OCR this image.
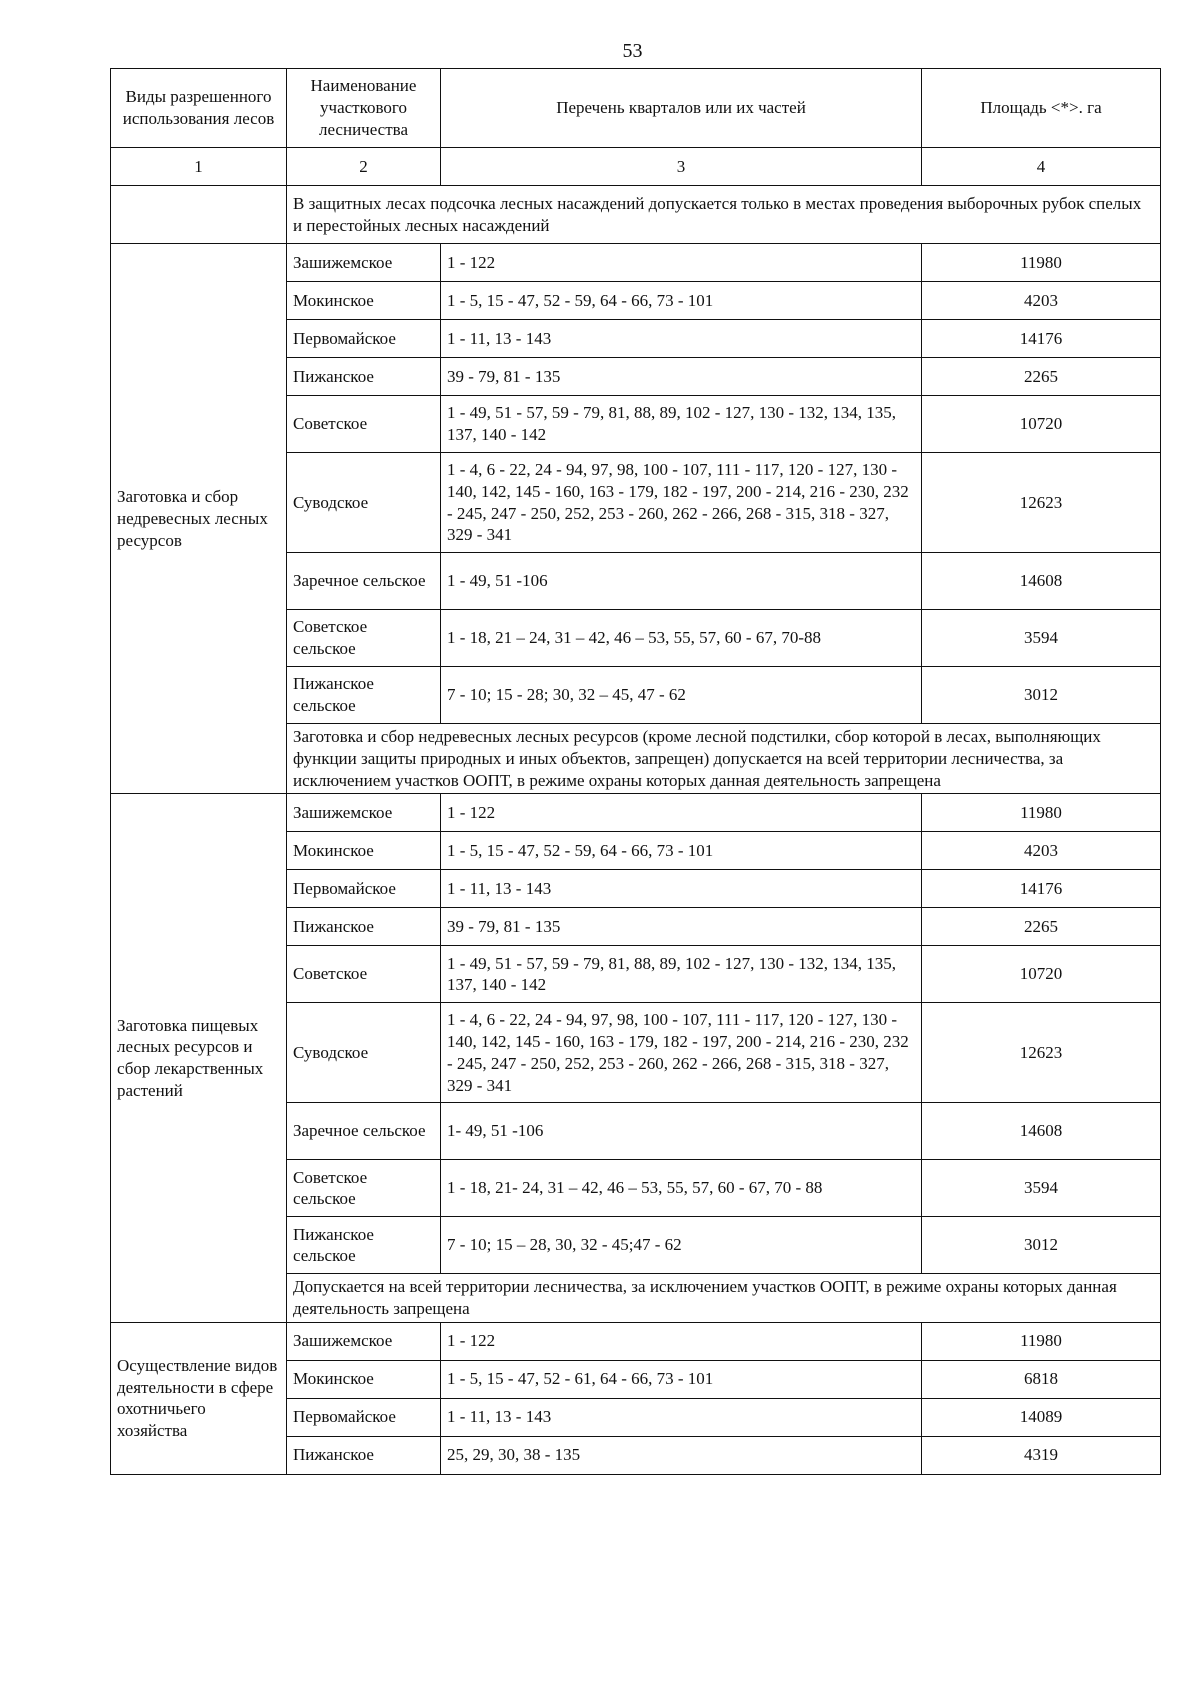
53
Виды разрешенного использования лесов	Наименование участкового лесничества	Перечень кварталов или их частей	Площадь <*>. га
1	2	3	4
	В защитных лесах подсочка лесных насаждений допускается только в местах проведения выборочных рубок спелых и перестойных лесных насаждений		
Заготовка и сбор недревесных лесных ресурсов	Зашижемское	1 - 122	11980
	Мокинское	1 - 5, 15 - 47, 52 - 59, 64 - 66, 73 - 101	4203
	Первомайское	1 - 11, 13 - 143	14176
	Пижанское	39 - 79, 81 - 135	2265
	Советское	1 - 49, 51 - 57, 59 - 79, 81, 88, 89, 102 - 127, 130 - 132, 134, 135, 137, 140 - 142	10720
	Суводское	1 - 4, 6 - 22, 24 - 94, 97, 98, 100 - 107, 111 - 117, 120 - 127, 130 - 140, 142, 145 - 160, 163 - 179, 182 - 197, 200 - 214, 216 - 230, 232 - 245, 247 - 250, 252, 253 - 260, 262 - 266, 268 - 315, 318 - 327, 329 - 341	12623
	Заречное сельское	1 - 49, 51 -106	14608
	Советское сельское	1 - 18, 21 – 24, 31 – 42, 46 – 53, 55, 57, 60 - 67, 70-88	3594
	Пижанское сельское	7 - 10; 15 - 28; 30, 32 – 45, 47 - 62	3012
	Заготовка и сбор недревесных лесных ресурсов (кроме лесной подстилки, сбор которой в лесах, выполняющих функции защиты природных и иных объектов, запрещен) допускается на всей территории лесничества, за исключением участков ООПТ, в режиме охраны которых данная деятельность запрещена		
Заготовка пищевых лесных ресурсов и сбор лекарственных растений	Зашижемское	1 - 122	11980
	Мокинское	1 - 5, 15 - 47, 52 - 59, 64 - 66, 73 - 101	4203
	Первомайское	1 - 11, 13 - 143	14176
	Пижанское	39 - 79, 81 - 135	2265
	Советское	1 - 49, 51 - 57, 59 - 79, 81, 88, 89, 102 - 127, 130 - 132, 134, 135, 137, 140 - 142	10720
	Суводское	1 - 4, 6 - 22, 24 - 94, 97, 98, 100 - 107, 111 - 117, 120 - 127, 130 - 140, 142, 145 - 160, 163 - 179, 182 - 197, 200 - 214, 216 - 230, 232 - 245, 247 - 250, 252, 253 - 260, 262 - 266, 268 - 315, 318 - 327, 329 - 341	12623
	Заречное сельское	1- 49, 51 -106	14608
	Советское сельское	1 - 18, 21- 24, 31 – 42, 46 – 53, 55, 57, 60 - 67, 70 - 88	3594
	Пижанское сельское	7 - 10; 15 – 28, 30, 32 - 45;47 - 62	3012
	Допускается на всей территории лесничества, за исключением участков ООПТ, в режиме охраны которых данная деятельность запрещена		
Осуществление видов деятельности в сфере охотничьего хозяйства	Зашижемское	1 - 122	11980
	Мокинское	1 - 5, 15 - 47, 52 - 61, 64 - 66, 73 - 101	6818
	Первомайское	1 - 11, 13 - 143	14089
	Пижанское	25, 29, 30, 38 - 135	4319
